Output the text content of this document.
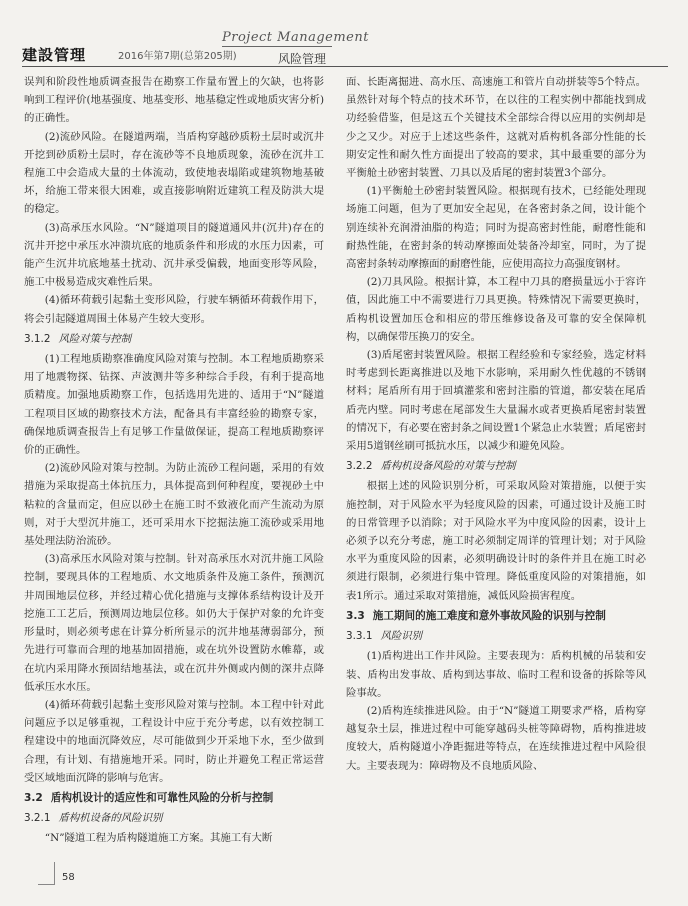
建設管理	2016年第7期(总第205期)
Project Management
风险管理

误判和阶段性地质调查报告在勘察工作量布置上的欠缺，也将影响到工程评价(地基强度、地基变形、地基稳定性或地质灾害分析)的正确性。

(2)流砂风险。在隧道两端，当盾构穿越砂质粉土层时或沉井开挖到砂质粉土层时，存在流砂等不良地质现象，流砂在沉井工程施工中会造成大量的土体流动，致使地表塌陷或建筑物地基破坏，给施工带来很大困难，或直接影响附近建筑工程及防洪大堤的稳定。

(3)高承压水风险。“N”隧道项目的隧道通风井(沉井)存在的沉井开挖中承压水冲溃坑底的地质条件和形成的水压力因素，可能产生沉井坑底地基土扰动、沉井承受偏载，地面变形等风险，施工中极易造成灾难性后果。

(4)循环荷载引起黏土变形风险，行驶车辆循环荷载作用下，将会引起隧道周围土体易产生较大变形。

3.1.2 风险对策与控制

(1)工程地质勘察准确度风险对策与控制。本工程地质勘察采用了地震物探、钻探、声波测井等多种综合手段，有利于提高地质精度。加强地质勘察工作，包括选用先进的、适用于“N”隧道工程项目区域的勘察技术方法，配备具有丰富经验的勘察专家，确保地质调查报告上有足够工作量做保证，提高工程地质勘察评价的正确性。

(2)流砂风险对策与控制。为防止流砂工程问题，采用的有效措施为采取提高土体抗压力，具体提高到何种程度，要视砂土中粘粒的含量而定，但应以砂土在施工时不致液化而产生流动为原则，对于大型沉井施工，还可采用水下挖掘法施工流砂或采用地基处理法防治流砂。

(3)高承压水风险对策与控制。针对高承压水对沉井施工风险控制，要现具体的工程地质、水文地质条件及施工条件，预测沉井周围地层位移，并经过精心优化措施与支撑体系结构设计及开挖施工工艺后，预测周边地层位移。如仍大于保护对象的允许变形量时，则必须考虑在计算分析所显示的沉井地基薄弱部分，预先进行可靠而合理的地基加固措施，或在坑外设置防水帷幕，或在坑内采用降水预固结地基法，或在沉井外侧或内侧的深井点降低承压水水压。

(4)循环荷载引起黏土变形风险对策与控制。本工程中针对此问题应予以足够重视，工程设计中应于充分考虑，以有效控制工程建设中的地面沉降效应，尽可能做到少开采地下水，至少做到合理，有计划、有措施地开采。同时，防止并避免工程正常运营受区域地面沉降的影响与危害。

3.2 盾构机设计的适应性和可靠性风险的分析与控制
3.2.1 盾构机设备的风险识别

“N”隧道工程为盾构隧道施工方案。其施工有大断

面、长距离掘进、高水压、高速施工和管片自动拼装等5个特点。虽然针对每个特点的技术环节，在以往的工程实例中都能找到成功经验借鉴，但是这五个关键技术全部综合得以应用的实例却是少之又少。对应于上述这些条件，这就对盾构机各部分性能的长期安定性和耐久性方面提出了较高的要求，其中最重要的部分为平衡舱土砂密封装置、刀具以及盾尾的密封装置3个部分。

(1)平衡舱土砂密封装置风险。根据现有技术，已经能处理现场施工问题，但为了更加安全起见，在各密封条之间，设计能个别连续补充润滑油脂的构造；同时为提高密封性能，耐磨性能和耐热性能，在密封条的转动摩擦面处装备冷却室，同时，为了提高密封条转动摩擦面的耐磨性能，应使用高拉力高强度钢材。

(2)刀具风险。根据计算，本工程中刀具的磨损量远小于容许值，因此施工中不需要进行刀具更换。特殊情况下需要更换时，盾构机设置加压仓和相应的带压维修设备及可靠的安全保障机构，以确保带压换刀的安全。

(3)盾尾密封装置风险。根据工程经验和专家经验，选定材料时考虑到长距离推进以及地下水影响，采用耐久性优越的不锈钢材料；尾盾所有用于回填灌浆和密封注脂的管道，都安装在尾盾盾壳内壁。同时考虑在尾部发生大量漏水或者更换盾尾密封装置的情况下，有必要在密封条之间设置1个紧急止水装置；盾尾密封采用5道钢丝刷可抵抗水压，以减少和避免风险。

3.2.2 盾构机设备风险的对策与控制

根据上述的风险识别分析，可采取风险对策措施，以便于实施控制，对于风险水平为轻度风险的因素，可通过设计及施工时的日常管理予以消除；对于风险水平为中度风险的因素，设计上必须予以充分考虑，施工时必须制定周详的管理计划；对于风险水平为重度风险的因素，必须明确设计时的条件并且在施工时必须进行限制，必须进行集中管理。降低重度风险的对策措施，如表1所示。通过采取对策措施，减低风险损害程度。

3.3 施工期间的施工难度和意外事故风险的识别与控制
3.3.1 风险识别

(1)盾构进出工作井风险。主要表现为：盾构机械的吊装和安装、盾构出发事故、盾构到达事故、临时工程和设备的拆除等风险事故。

(2)盾构连续推进风险。由于“N”隧道工期要求严格，盾构穿越复杂土层，推进过程中可能穿越码头桩等障碍物，盾构推进坡度较大，盾构隧道小净距掘进等特点，在连续推进过程中风险很大。主要表现为：障碍物及不良地质风险、

58
